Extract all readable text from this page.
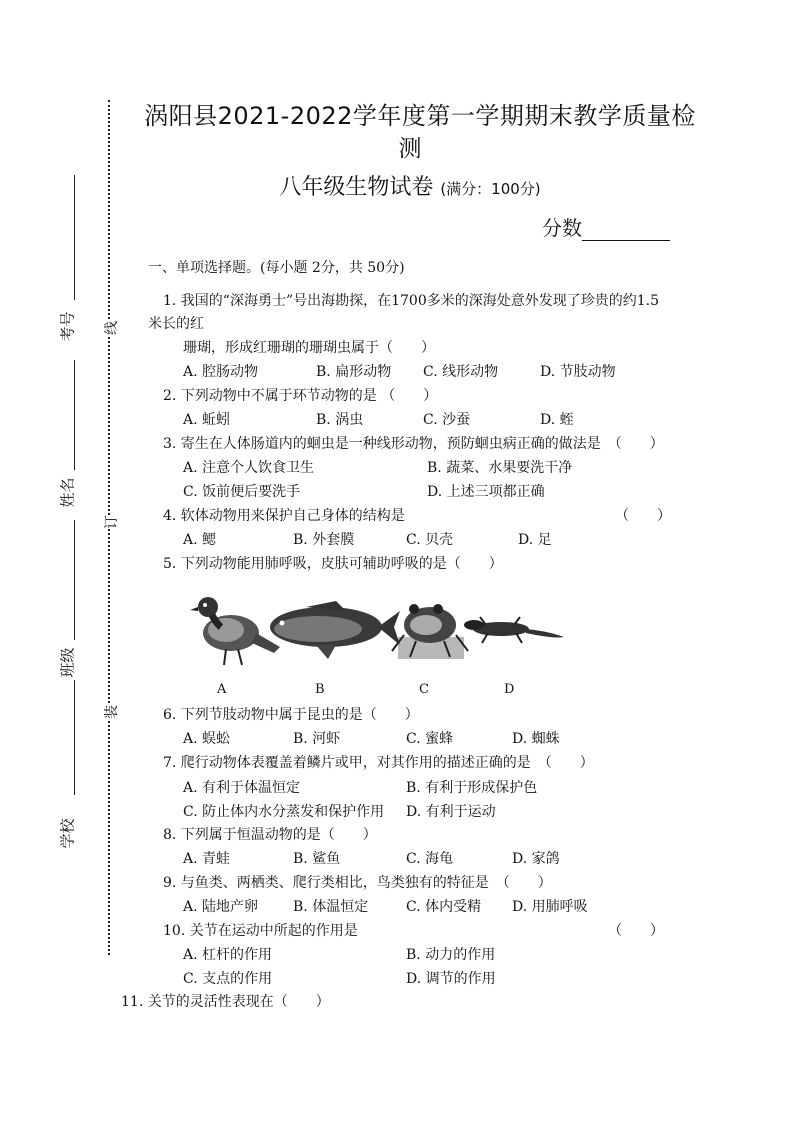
考号
姓名
班级
学校
线
订
装
涡阳县2021-2022学年度第一学期期末教学质量检
测
八年级生物试卷 (满分：100分)
分数
一、单项选择题。(每小题 2分，共 50分)
1. 我国的“深海勇士”号出海勘探，在1700多米的深海处意外发现了珍贵的约1.5
米长的红
珊瑚，形成红珊瑚的珊瑚虫属于（　　）
A. 腔肠动物	B. 扁形动物 C. 线形动物	D. 节肢动物
2. 下列动物中不属于环节动物的是 （　　）
A. 蚯蚓	B. 涡虫	C. 沙蚕	D. 蛭
3. 寄生在人体肠道内的蛔虫是一种线形动物，预防蛔虫病正确的做法是　（　　）
A. 注意个人饮食卫生	B. 蔬菜、水果要洗干净
C. 饭前便后要洗手	D. 上述三项都正确
4. 软体动物用来保护自己身体的结构是	（　　）
A. 鳃	B. 外套膜	C. 贝壳	D. 足
5. 下列动物能用肺呼吸，皮肤可辅助呼吸的是（　　）
A	B	C	D
6. 下列节肢动物中属于昆虫的是（　　）
A. 蜈蚣	B. 河虾	C. 蜜蜂	D. 蜘蛛
7. 爬行动物体表覆盖着鳞片或甲，对其作用的描述正确的是　（　　）
A. 有利于体温恒定	B. 有利于形成保护色
C. 防止体内水分蒸发和保护作用 D. 有利于运动
8. 下列属于恒温动物的是（　　）
A. 青蛙	B. 鲨鱼	C. 海龟	D. 家鸽
9. 与鱼类、两栖类、爬行类相比，鸟类独有的特征是　（　　）
A. 陆地产卵 B. 体温恒定	C. 体内受精 D. 用肺呼吸
10. 关节在运动中所起的作用是	（　　）
A. 杠杆的作用	B. 动力的作用
C. 支点的作用	D. 调节的作用
11. 关节的灵活性表现在（　　）
